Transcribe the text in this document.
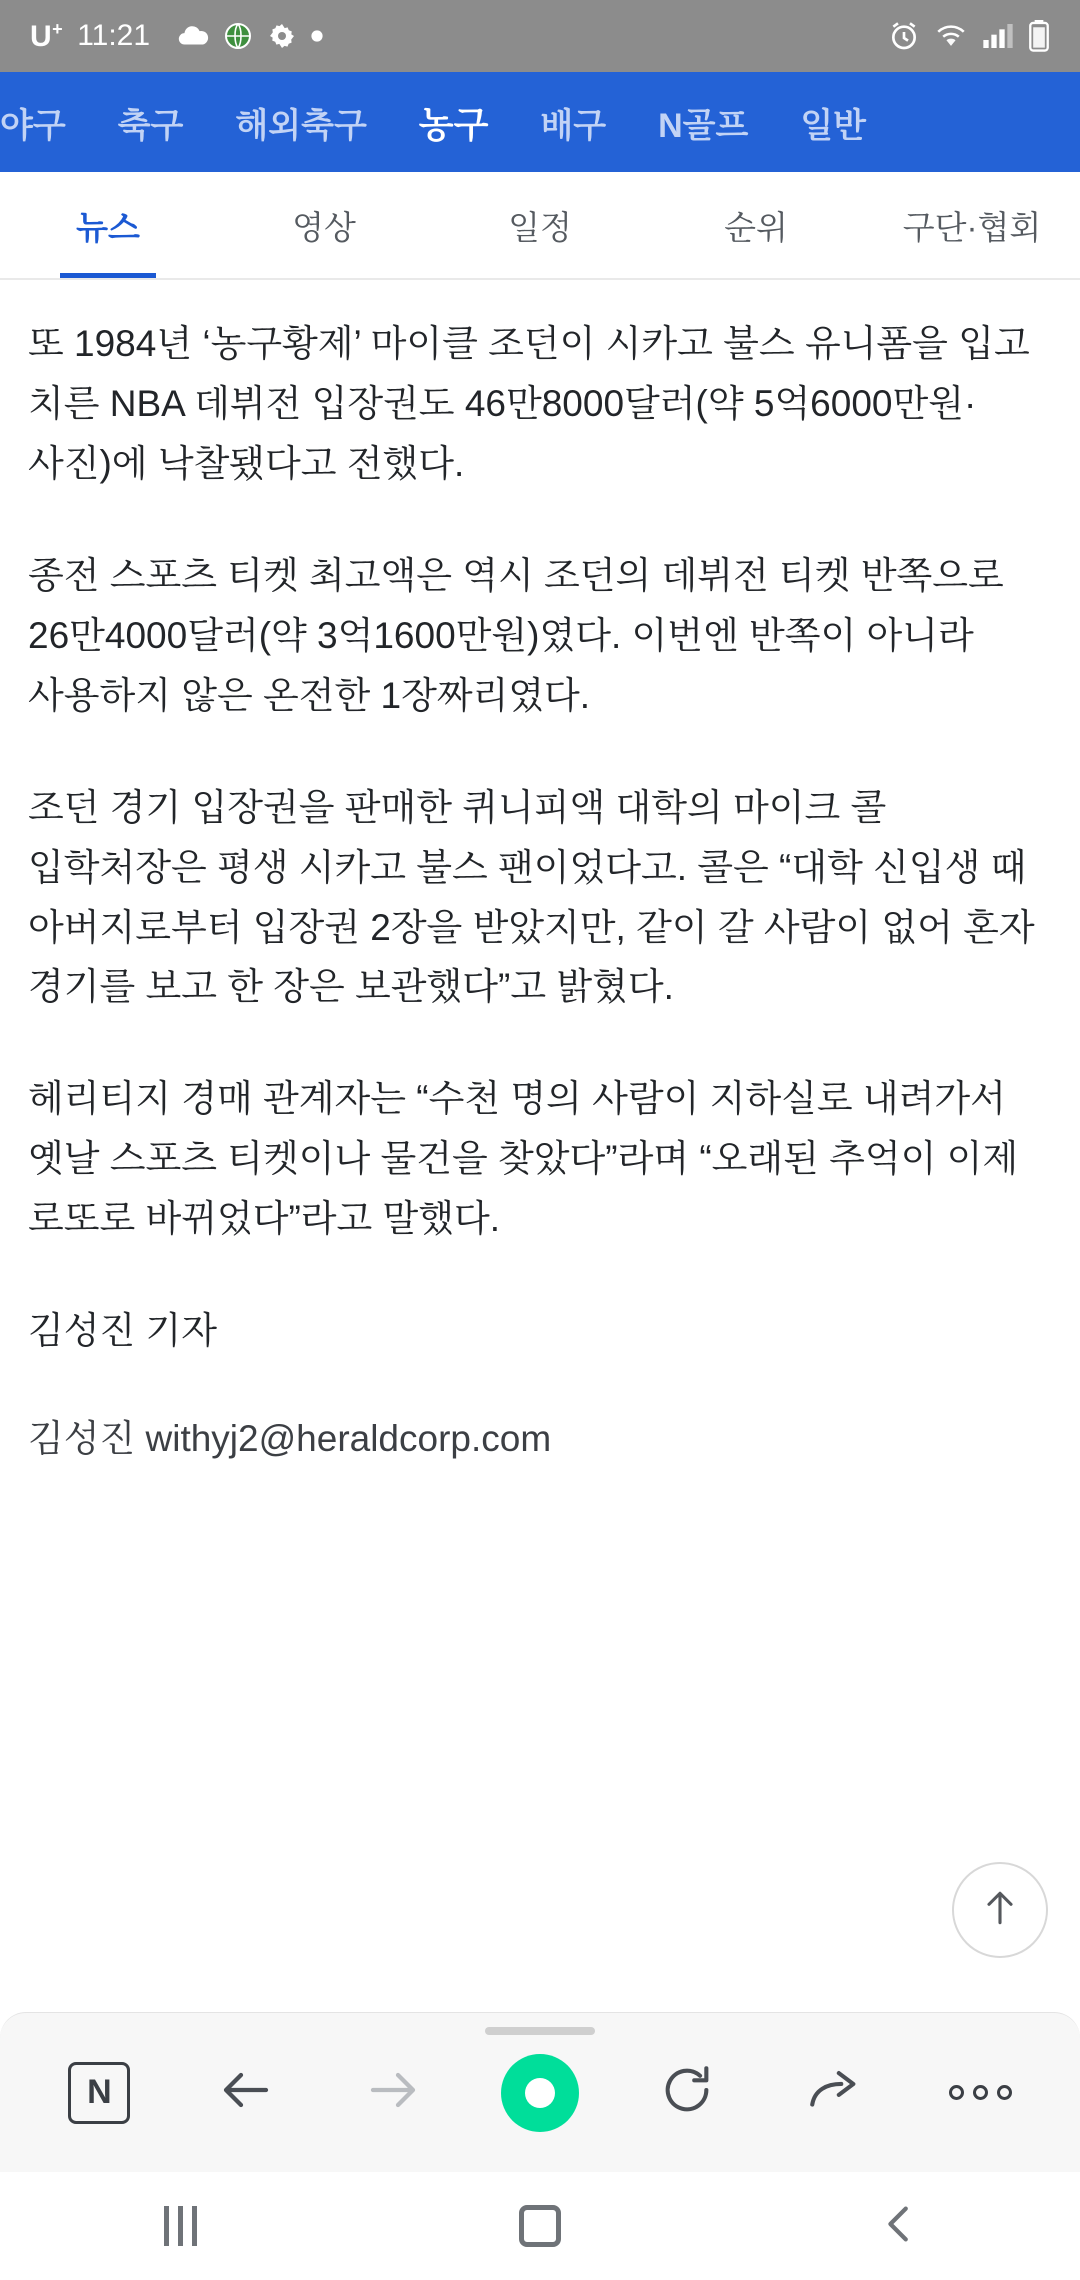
U+ 11:21
야구	축구	해외축구	농구	배구	N골프	일반
뉴스	영상	일정	순위	구단·협회

또 1984년 ‘농구황제’ 마이클 조던이 시카고 불스 유니폼을 입고 치른 NBA 데뷔전 입장권도 46만8000달러(약 5억6000만원·사진)에 낙찰됐다고 전했다.

종전 스포츠 티켓 최고액은 역시 조던의 데뷔전 티켓 반쪽으로 26만4000달러(약 3억1600만원)였다. 이번엔 반쪽이 아니라 사용하지 않은 온전한 1장짜리였다.

조던 경기 입장권을 판매한 퀴니피액 대학의 마이크 콜 입학처장은 평생 시카고 불스 팬이었다고. 콜은 “대학 신입생 때 아버지로부터 입장권 2장을 받았지만, 같이 갈 사람이 없어 혼자 경기를 보고 한 장은 보관했다”고 밝혔다.

헤리티지 경매 관계자는 “수천 명의 사람이 지하실로 내려가서 옛날 스포츠 티켓이나 물건을 찾았다”라며 “오래된 추억이 이제 로또로 바뀌었다”라고 말했다.

김성진 기자

김성진 withyj2@heraldcorp.com

N
